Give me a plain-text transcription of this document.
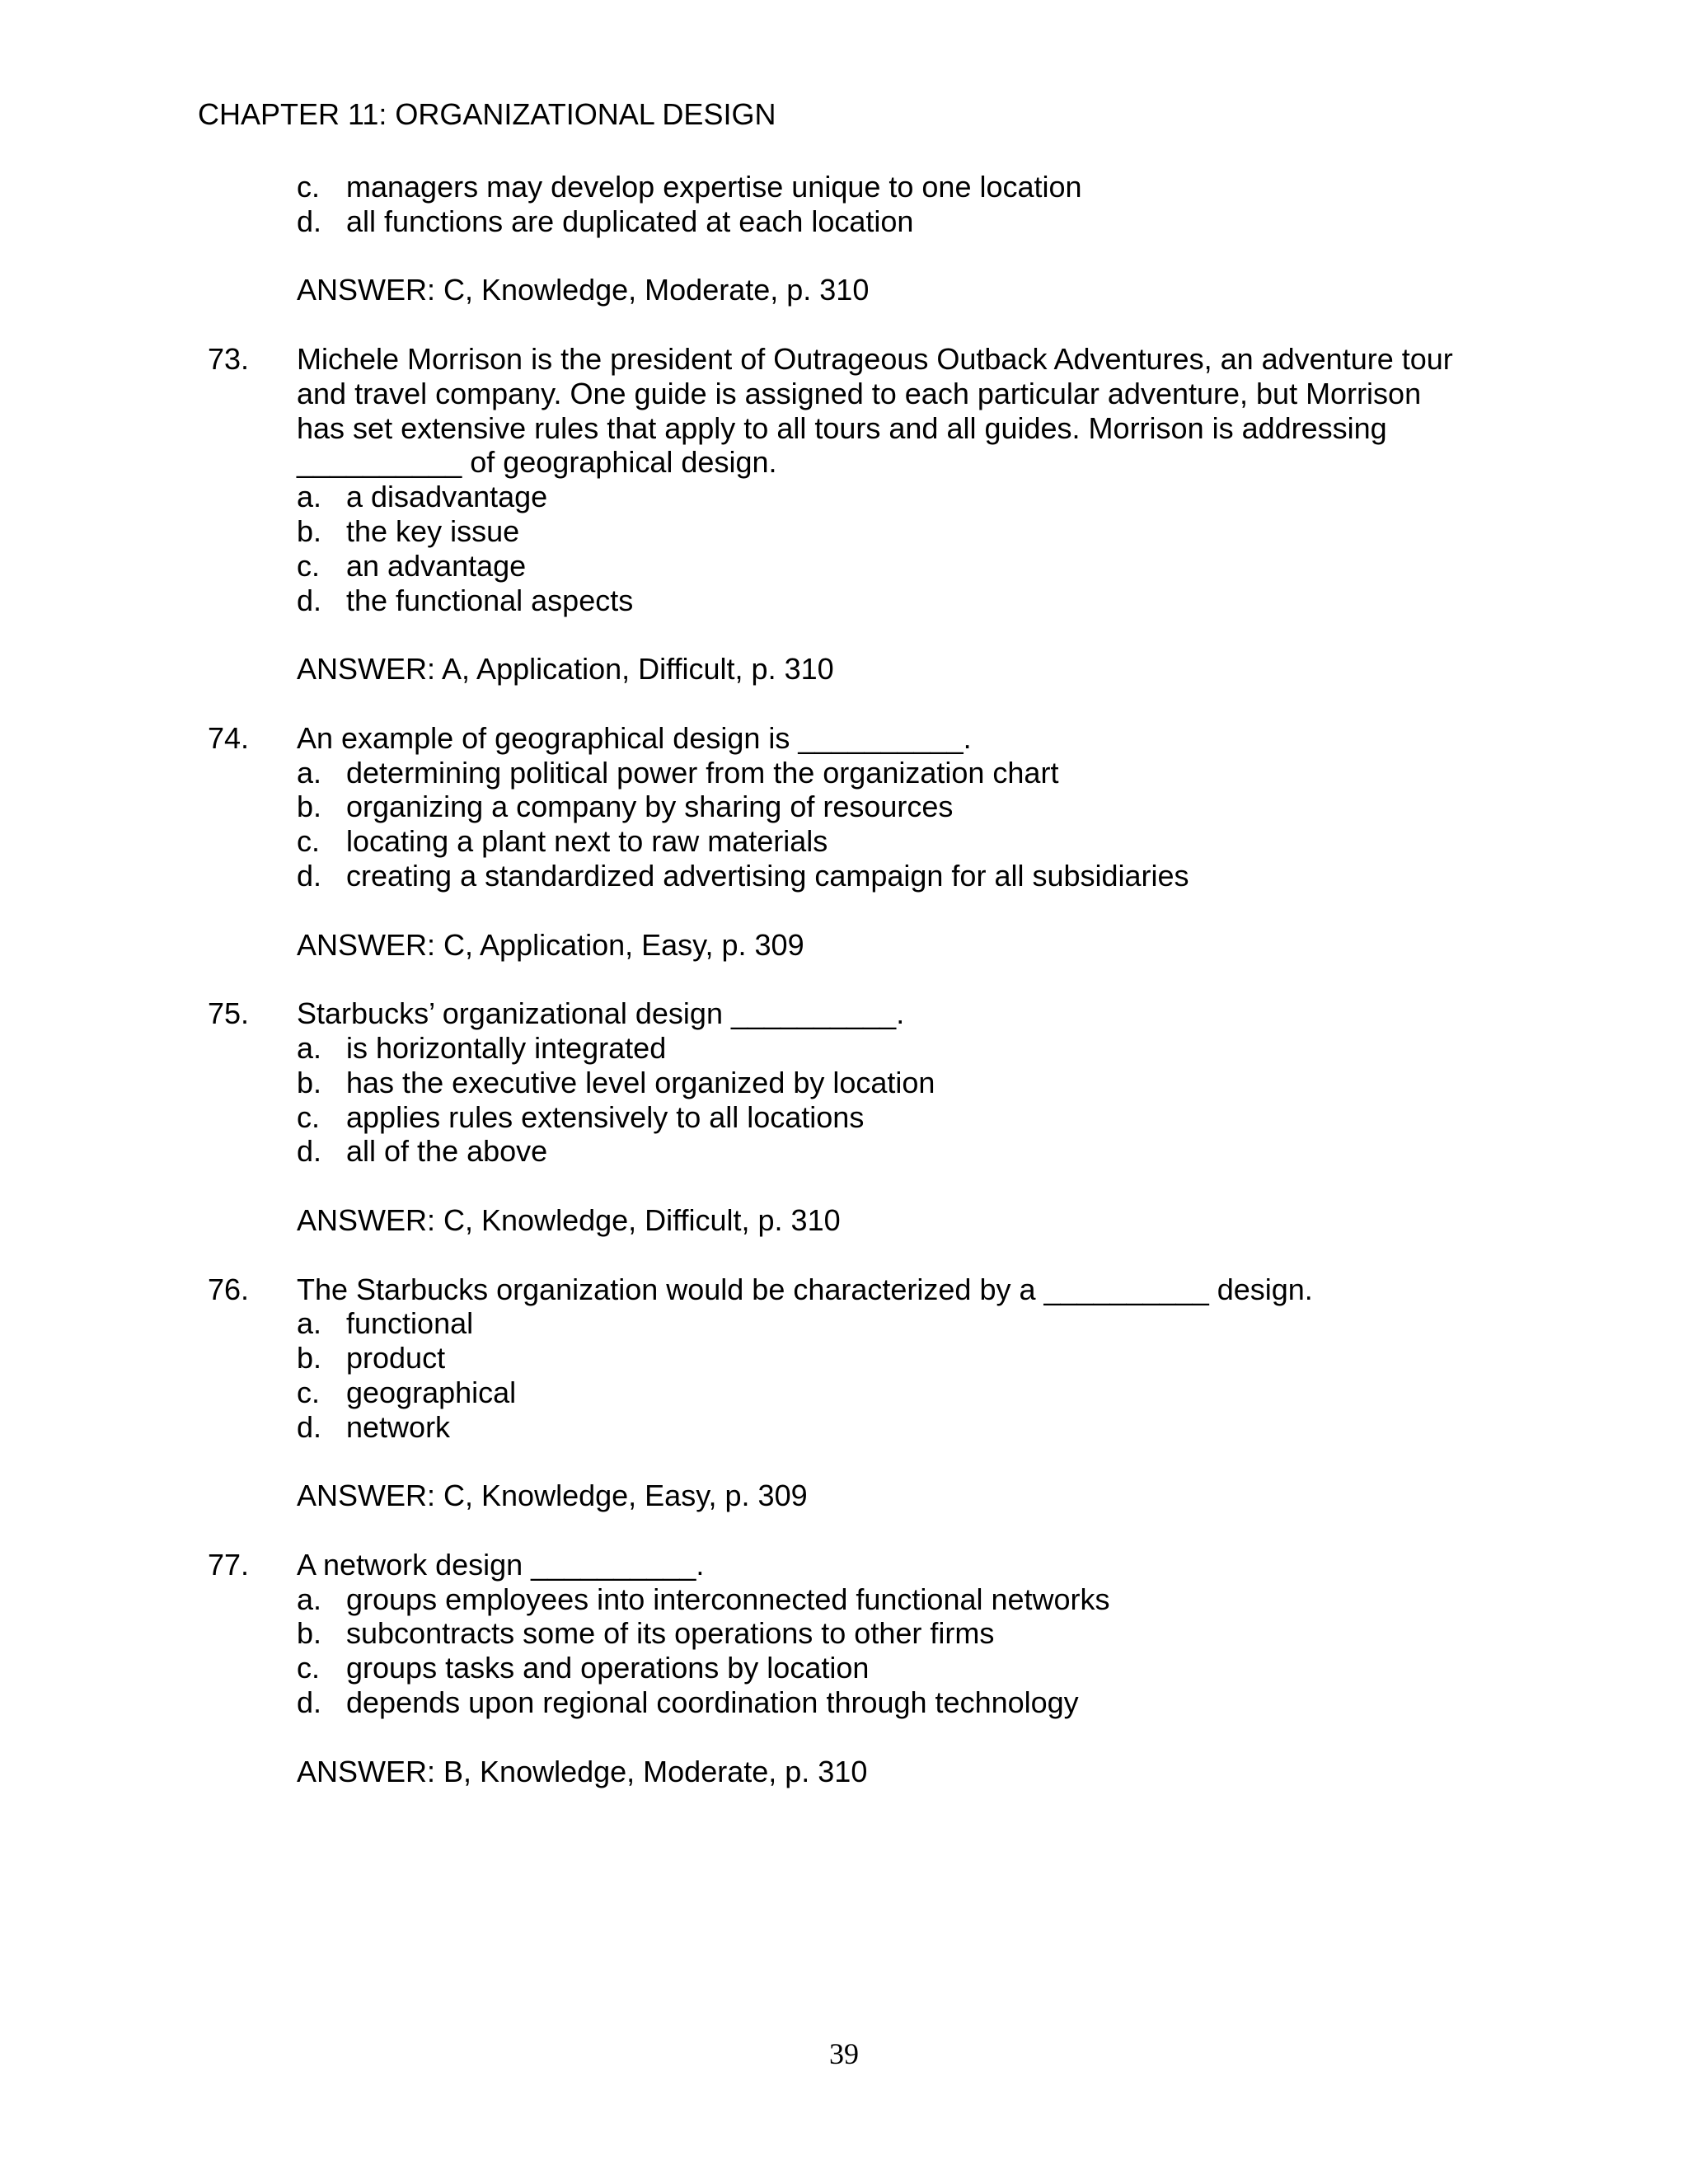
CHAPTER 11: ORGANIZATIONAL DESIGN
c. managers may develop expertise unique to one location
d. all functions are duplicated at each location
ANSWER: C, Knowledge, Moderate, p. 310
73. Michele Morrison is the president of Outrageous Outback Adventures, an adventure tour
and travel company. One guide is assigned to each particular adventure, but Morrison
has set extensive rules that apply to all tours and all guides. Morrison is addressing
__________ of geographical design.
a. a disadvantage
b. the key issue
c. an advantage
d. the functional aspects
ANSWER: A, Application, Difficult, p. 310
74. An example of geographical design is __________.
a. determining political power from the organization chart
b. organizing a company by sharing of resources
c. locating a plant next to raw materials
d. creating a standardized advertising campaign for all subsidiaries
ANSWER: C, Application, Easy, p. 309
75. Starbucks’ organizational design __________.
a. is horizontally integrated
b. has the executive level organized by location
c. applies rules extensively to all locations
d. all of the above
ANSWER: C, Knowledge, Difficult, p. 310
76. The Starbucks organization would be characterized by a __________ design.
a. functional
b. product
c. geographical
d. network
ANSWER: C, Knowledge, Easy, p. 309
77. A network design __________.
a. groups employees into interconnected functional networks
b. subcontracts some of its operations to other firms
c. groups tasks and operations by location
d. depends upon regional coordination through technology
ANSWER: B, Knowledge, Moderate, p. 310
39
